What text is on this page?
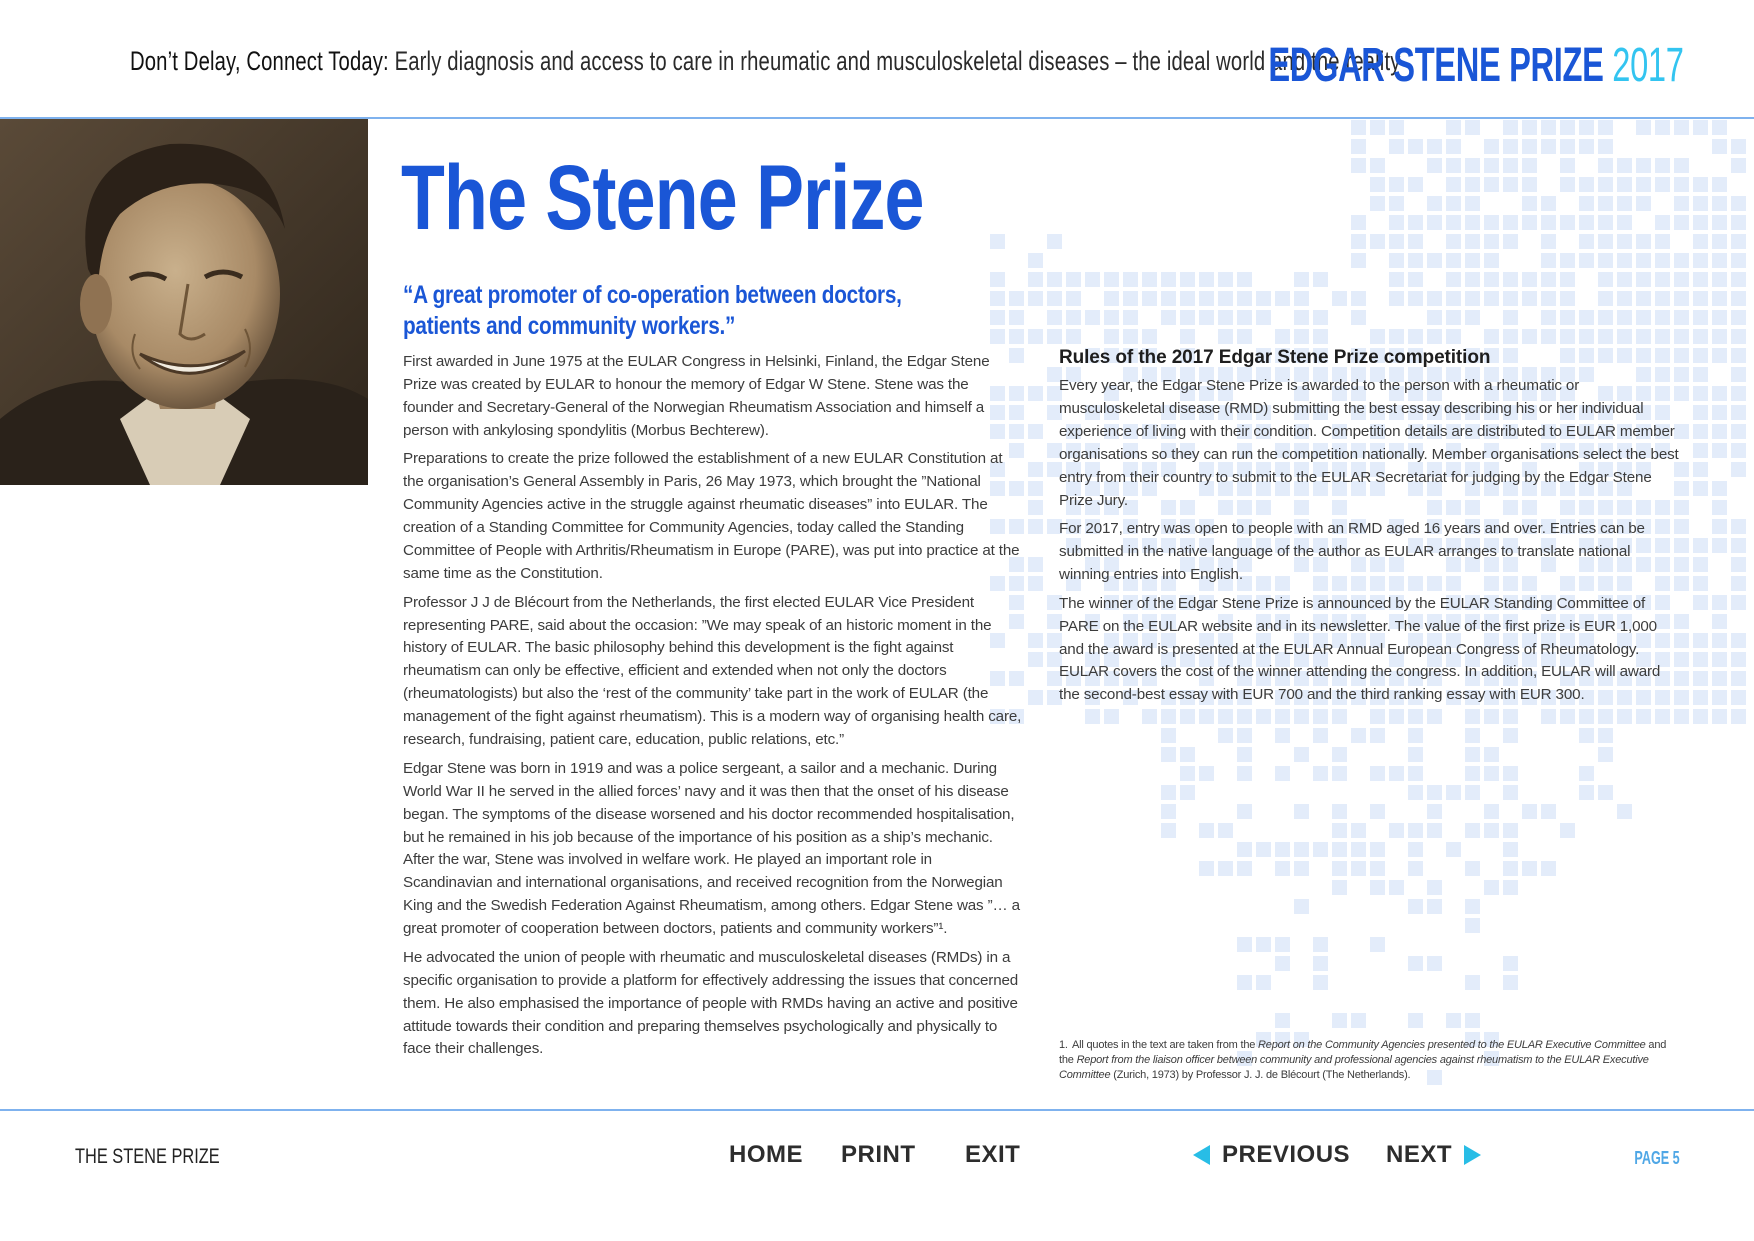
Don’t Delay, Connect Today: Early diagnosis and access to care in rheumatic and musculoskeletal diseases – the ideal world and the reality
EDGAR STENE PRIZE 2017
The Stene Prize
“A great promoter of co-operation between doctors,
patients and community workers.”

First awarded in June 1975 at the EULAR Congress in Helsinki, Finland, the Edgar Stene Prize was created by EULAR to honour the memory of Edgar W Stene. Stene was the founder and Secretary-General of the Norwegian Rheumatism Association and himself a person with ankylosing spondylitis (Morbus Bechterew).

Preparations to create the prize followed the establishment of a new EULAR Constitution at the organisation’s General Assembly in Paris, 26 May 1973, which brought the ”National Community Agencies active in the struggle against rheumatic diseases” into EULAR. The creation of a Standing Committee for Community Agencies, today called the Standing Committee of People with Arthritis/Rheumatism in Europe (PARE), was put into practice at the same time as the Constitution.

Professor J J de Blécourt from the Netherlands, the first elected EULAR Vice President representing PARE, said about the occasion: ”We may speak of an historic moment in the history of EULAR. The basic philosophy behind this development is the fight against rheumatism can only be effective, efficient and extended when not only the doctors (rheumatologists) but also the ‘rest of the community’ take part in the work of EULAR (the management of the fight against rheumatism). This is a modern way of organising health care, research, fundraising, patient care, education, public relations, etc.”

Edgar Stene was born in 1919 and was a police sergeant, a sailor and a mechanic. During World War II he served in the allied forces’ navy and it was then that the onset of his disease began. The symptoms of the disease worsened and his doctor recommended hospitalisation, but he remained in his job because of the importance of his position as a ship’s mechanic. After the war, Stene was involved in welfare work. He played an important role in Scandinavian and international organisations, and received recognition from the Norwegian King and the Swedish Federation Against Rheumatism, among others. Edgar Stene was ”… a great promoter of cooperation between doctors, patients and community workers”¹.

He advocated the union of people with rheumatic and musculoskeletal diseases (RMDs) in a specific organisation to provide a platform for effectively addressing the issues that concerned them. He also emphasised the importance of people with RMDs having an active and positive attitude towards their condition and preparing themselves psychologically and physically to face their challenges.

Rules of the 2017 Edgar Stene Prize competition

Every year, the Edgar Stene Prize is awarded to the person with a rheumatic or musculoskeletal disease (RMD) submitting the best essay describing his or her individual experience of living with their condition. Competition details are distributed to EULAR member organisations so they can run the competition nationally. Member organisations select the best entry from their country to submit to the EULAR Secretariat for judging by the Edgar Stene Prize Jury.

For 2017, entry was open to people with an RMD aged 16 years and over. Entries can be submitted in the native language of the author as EULAR arranges to translate national winning entries into English.

The winner of the Edgar Stene Prize is announced by the EULAR Standing Committee of PARE on the EULAR website and in its newsletter. The value of the first prize is EUR 1,000 and the award is presented at the EULAR Annual European Congress of Rheumatology. EULAR covers the cost of the winner attending the congress. In addition, EULAR will award the second-best essay with EUR 700 and the third ranking essay with EUR 300.

1. All quotes in the text are taken from the Report on the Community Agencies presented to the EULAR Executive Committee and the Report from the liaison officer between community and professional agencies against rheumatism to the EULAR Executive Committee (Zurich, 1973) by Professor J. J. de Blécourt (The Netherlands).
THE STENE PRIZE	HOME PRINT EXIT	PREVIOUS NEXT	PAGE 5
